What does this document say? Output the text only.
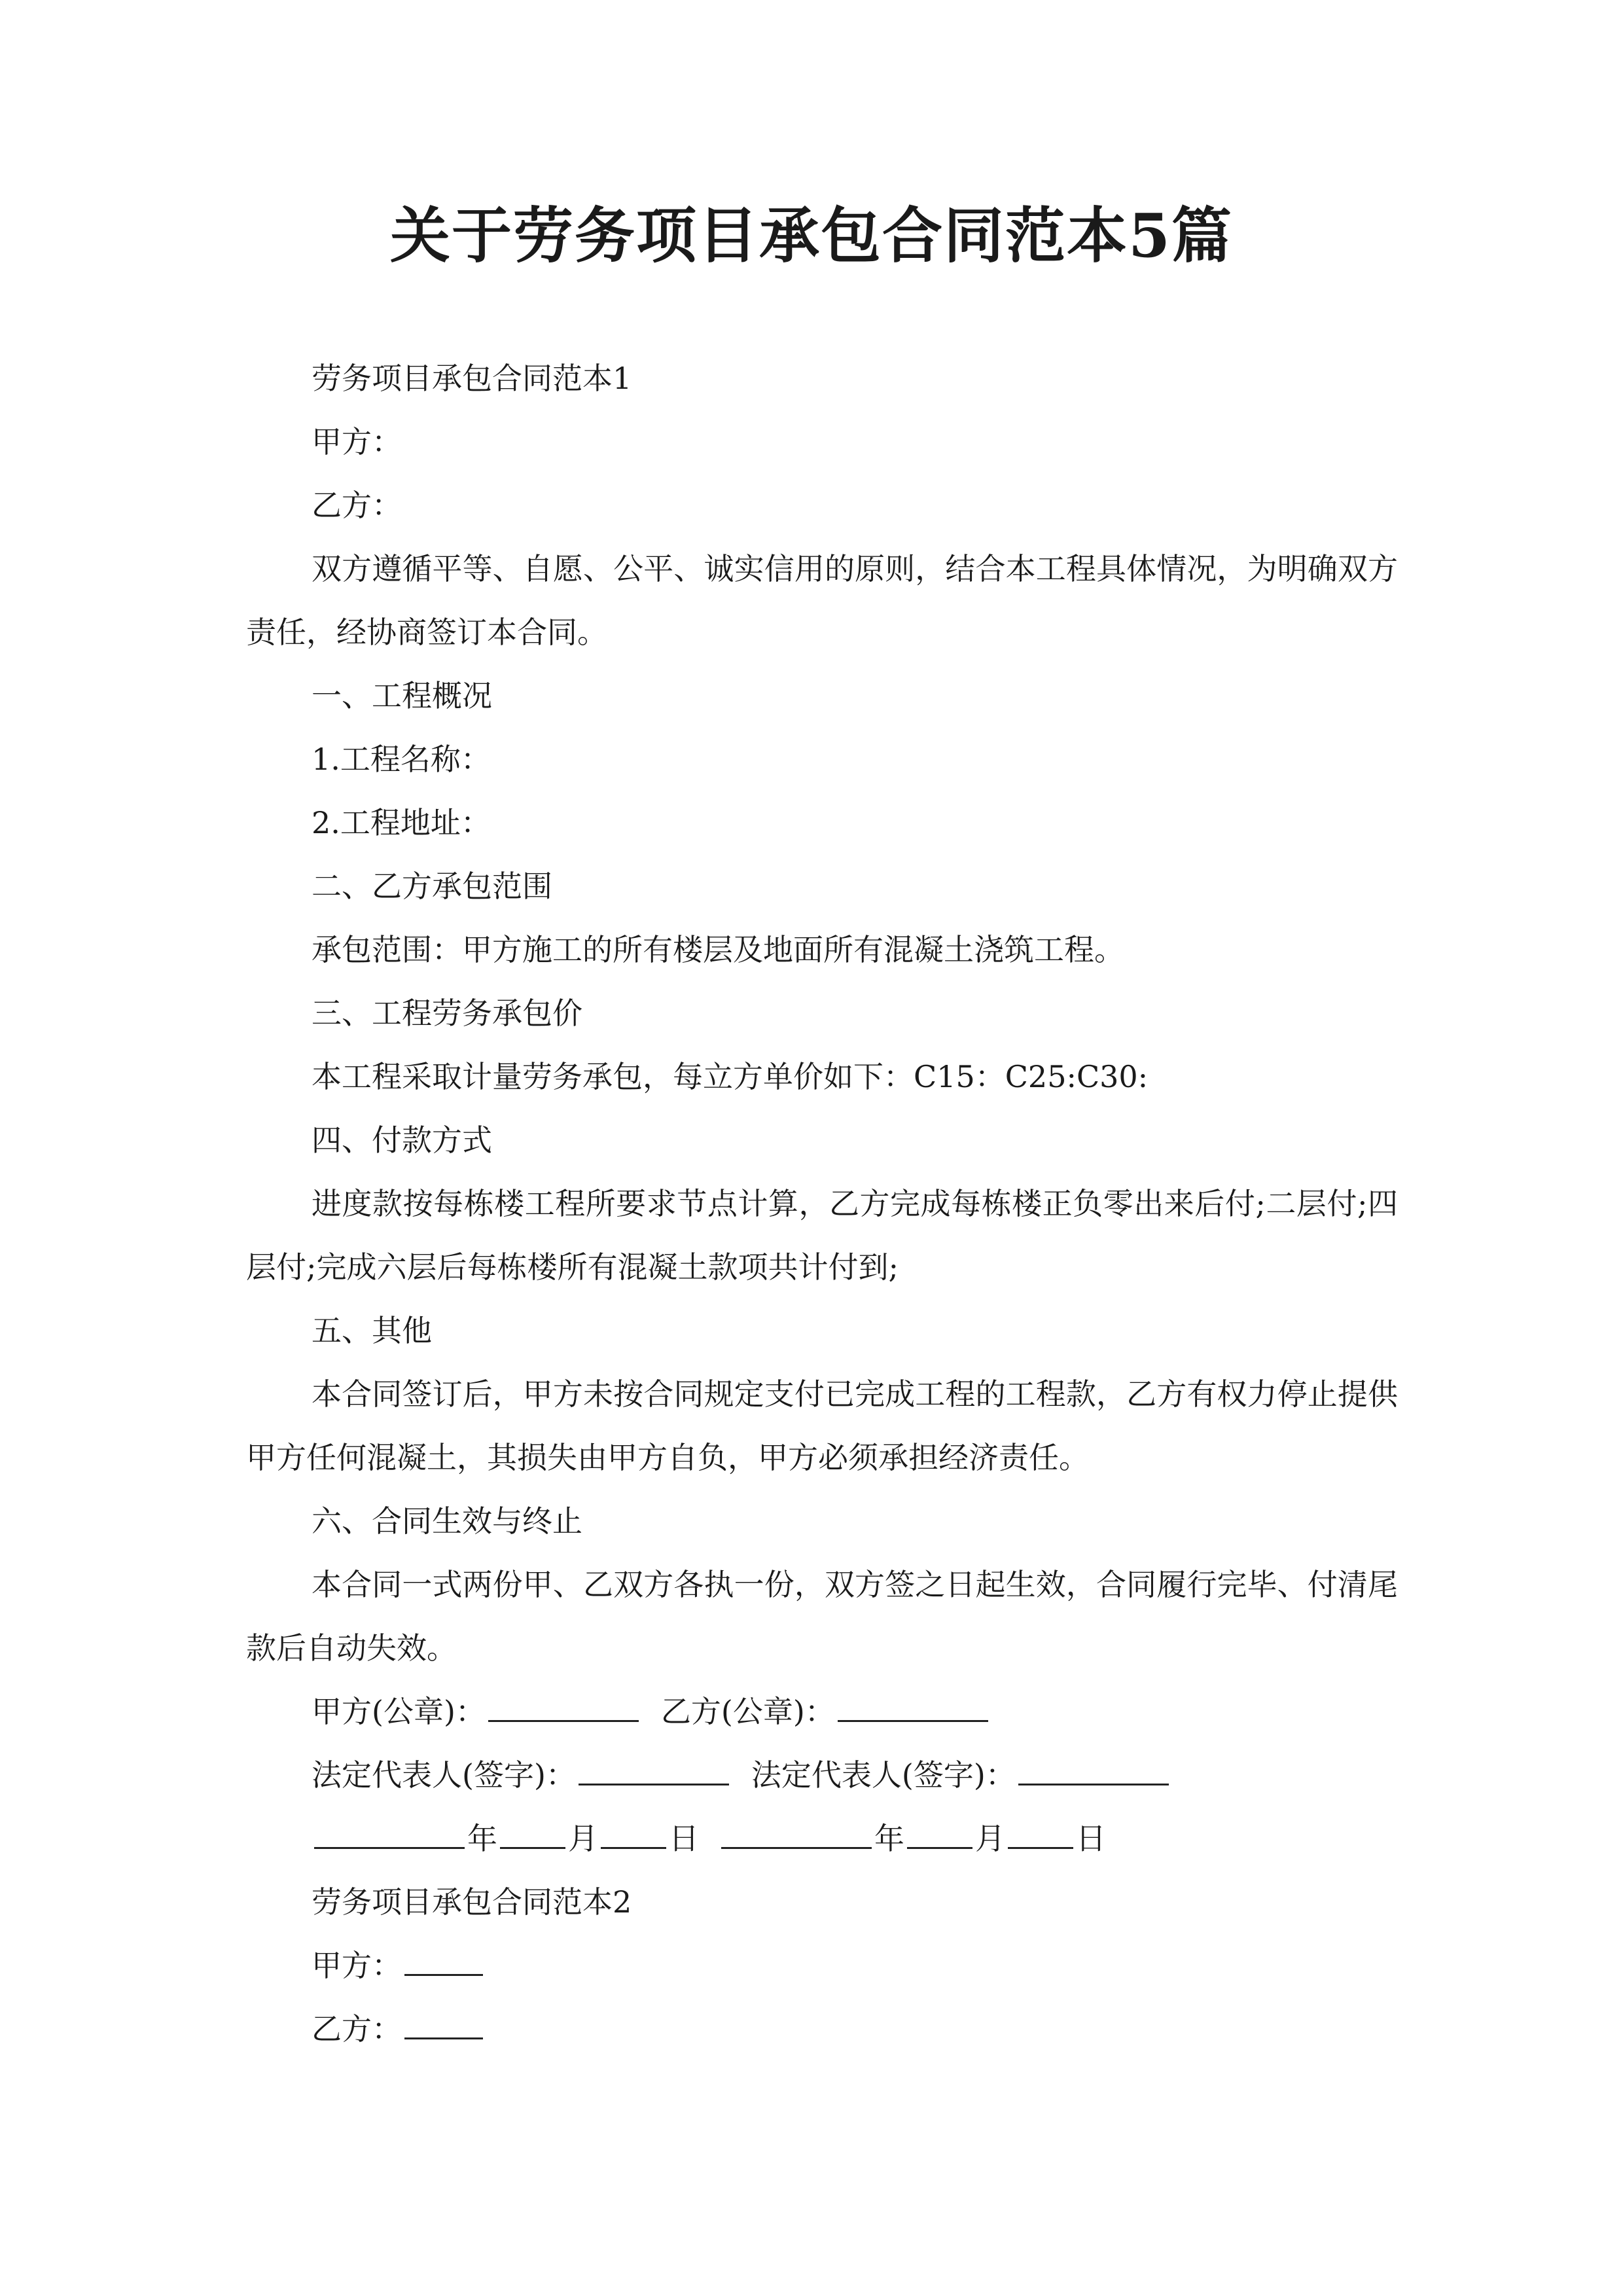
关于劳务项目承包合同范本5篇

劳务项目承包合同范本1

甲方：

乙方：

双方遵循平等、自愿、公平、诚实信用的原则，结合本工程具体情况，为明确双方责任，经协商签订本合同。

一、工程概况

1.工程名称：

2.工程地址：

二、乙方承包范围

承包范围：甲方施工的所有楼层及地面所有混凝土浇筑工程。

三、工程劳务承包价

本工程采取计量劳务承包，每立方单价如下：C15：C25:C30:

四、付款方式

进度款按每栋楼工程所要求节点计算，乙方完成每栋楼正负零出来后付;二层付;四层付;完成六层后每栋楼所有混凝土款项共计付到;

五、其他

本合同签订后，甲方未按合同规定支付已完成工程的工程款，乙方有权力停止提供甲方任何混凝土，其损失由甲方自负，甲方必须承担经济责任。

六、合同生效与终止

本合同一式两份甲、乙双方各执一份，双方签之日起生效，合同履行完毕、付清尾款后自动失效。

甲方(公章)：	乙方(公章)：

法定代表人(签字)：	法定代表人(签字)：

年 月 日	年 月 日

劳务项目承包合同范本2

甲方：

乙方：
